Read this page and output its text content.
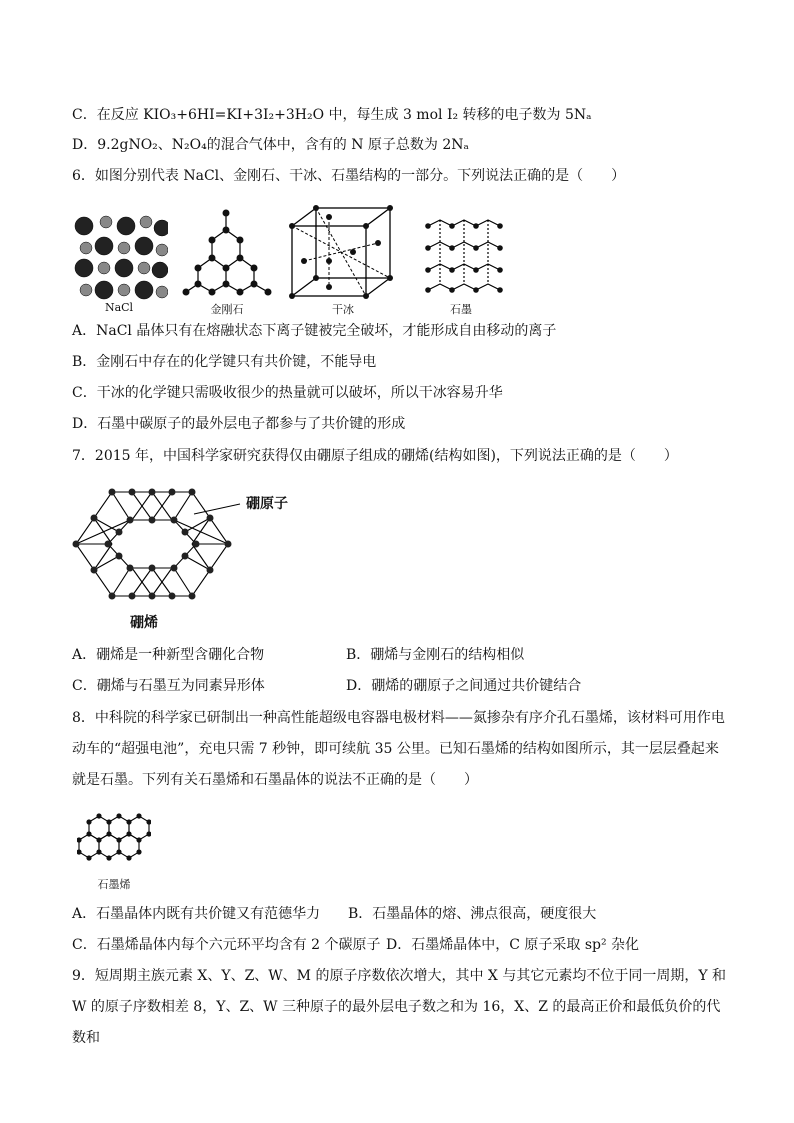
C．在反应 KIO₃+6HI=KI+3I₂+3H₂O 中，每生成 3 mol I₂ 转移的电子数为 5Nₐ
D．9.2gNO₂、N₂O₄的混合气体中，含有的 N 原子总数为 2Nₐ
6．如图分别代表 NaCl、金刚石、干冰、石墨结构的一部分。下列说法正确的是（　　）
NaCl	金刚石	干冰	石墨
A．NaCl 晶体只有在熔融状态下离子键被完全破坏，才能形成自由移动的离子
B．金刚石中存在的化学键只有共价键，不能导电
C．干冰的化学键只需吸收很少的热量就可以破坏，所以干冰容易升华
D．石墨中碳原子的最外层电子都参与了共价键的形成
7．2015 年，中国科学家研究获得仅由硼原子组成的硼烯(结构如图)，下列说法正确的是（　　）
硼原子
硼烯
A．硼烯是一种新型含硼化合物	B．硼烯与金刚石的结构相似
C．硼烯与石墨互为同素异形体	D．硼烯的硼原子之间通过共价键结合
8．中科院的科学家已研制出一种高性能超级电容器电极材料——氮掺杂有序介孔石墨烯，该材料可用作电动车的“超强电池”，充电只需 7 秒钟，即可续航 35 公里。已知石墨烯的结构如图所示，其一层层叠起来就是石墨。下列有关石墨烯和石墨晶体的说法不正确的是（　　）
石墨烯
A．石墨晶体内既有共价键又有范德华力 B．石墨晶体的熔、沸点很高，硬度很大
C．石墨烯晶体内每个六元环平均含有 2 个碳原子 D．石墨烯晶体中，C 原子采取 sp² 杂化
9．短周期主族元素 X、Y、Z、W、M 的原子序数依次增大，其中 X 与其它元素均不位于同一周期，Y 和 W 的原子序数相差 8，Y、Z、W 三种原子的最外层电子数之和为 16，X、Z 的最高正价和最低负价的代数和
